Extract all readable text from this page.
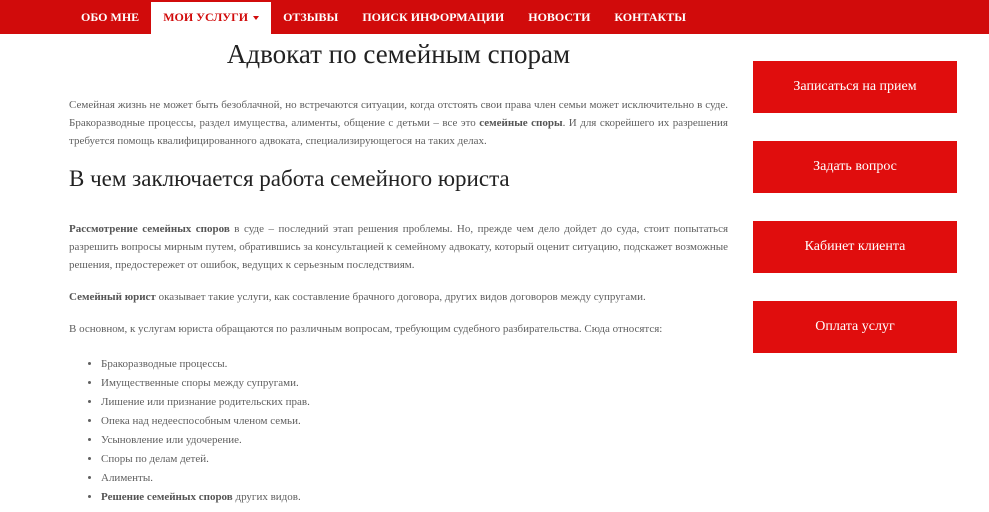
ОБО МНЕ	МОИ УСЛУГИ	ОТЗЫВЫ	ПОИСК ИНФОРМАЦИИ	НОВОСТИ	КОНТАКТЫ
Адвокат по семейным спорам

Семейная жизнь не может быть безоблачной, но встречаются ситуации, когда отстоять свои права член семьи может исключительно в суде. Бракоразводные процессы, раздел имущества, алименты, общение с детьми – все это семейные споры. И для скорейшего их разрешения требуется помощь квалифицированного адвоката, специализирующегося на таких делах.

В чем заключается работа семейного юриста

Рассмотрение семейных споров в суде – последний этап решения проблемы. Но, прежде чем дело дойдет до суда, стоит попытаться разрешить вопросы мирным путем, обратившись за консультацией к семейному адвокату, который оценит ситуацию, подскажет возможные решения, предостережет от ошибок, ведущих к серьезным последствиям.

Семейный юрист оказывает такие услуги, как составление брачного договора, других видов договоров между супругами.

В основном, к услугам юриста обращаются по различным вопросам, требующим судебного разбирательства. Сюда относятся:

• Бракоразводные процессы.
• Имущественные споры между супругами.
• Лишение или признание родительских прав.
• Опека над недееспособным членом семьи.
• Усыновление или удочерение.
• Споры по делам детей.
• Алименты.
• Решение семейных споров других видов.
Записаться на прием
Задать вопрос
Кабинет клиента
Оплата услуг
